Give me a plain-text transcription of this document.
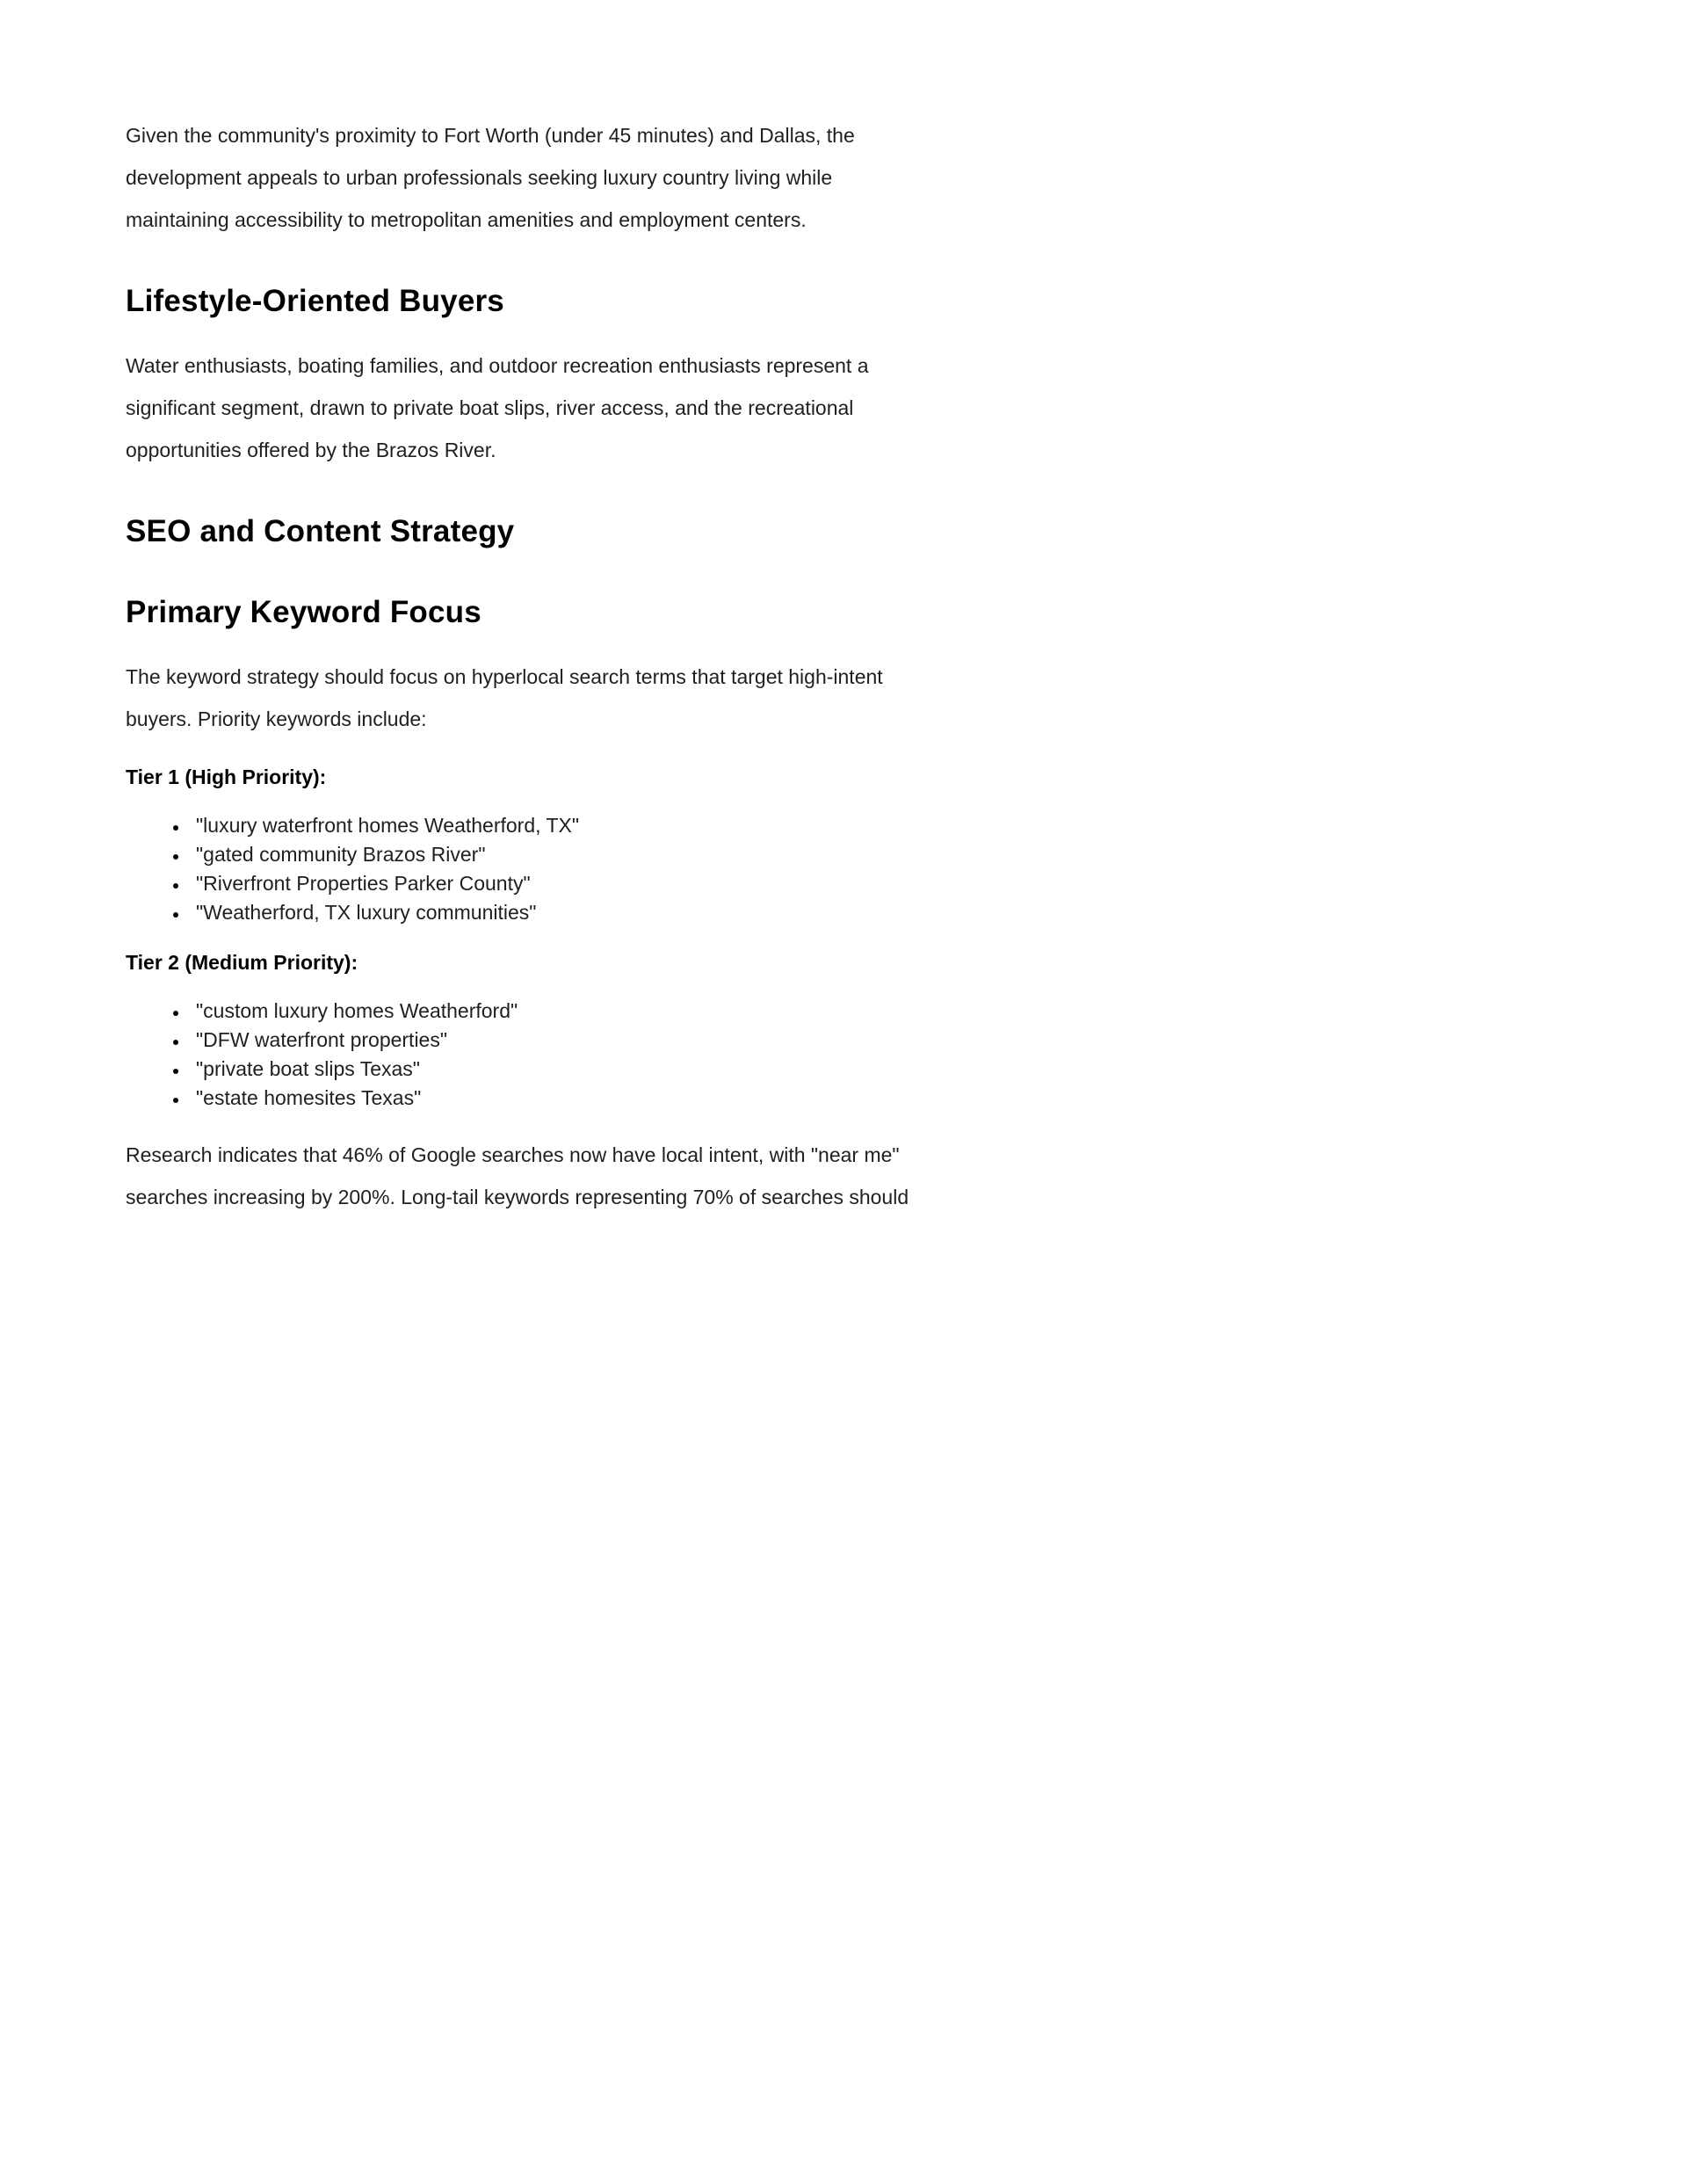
Given the community's proximity to Fort Worth (under 45 minutes) and Dallas, the development appeals to urban professionals seeking luxury country living while maintaining accessibility to metropolitan amenities and employment centers.

Lifestyle-Oriented Buyers

Water enthusiasts, boating families, and outdoor recreation enthusiasts represent a significant segment, drawn to private boat slips, river access, and the recreational opportunities offered by the Brazos River.

SEO and Content Strategy
Primary Keyword Focus

The keyword strategy should focus on hyperlocal search terms that target high-intent buyers. Priority keywords include:

Tier 1 (High Priority):

• "luxury waterfront homes Weatherford, TX"
• "gated community Brazos River"
• "Riverfront Properties Parker County"
• "Weatherford, TX luxury communities"

Tier 2 (Medium Priority):

• "custom luxury homes Weatherford"
• "DFW waterfront properties"
• "private boat slips Texas"
• "estate homesites Texas"

Research indicates that 46% of Google searches now have local intent, with "near me" searches increasing by 200%. Long-tail keywords representing 70% of searches should
